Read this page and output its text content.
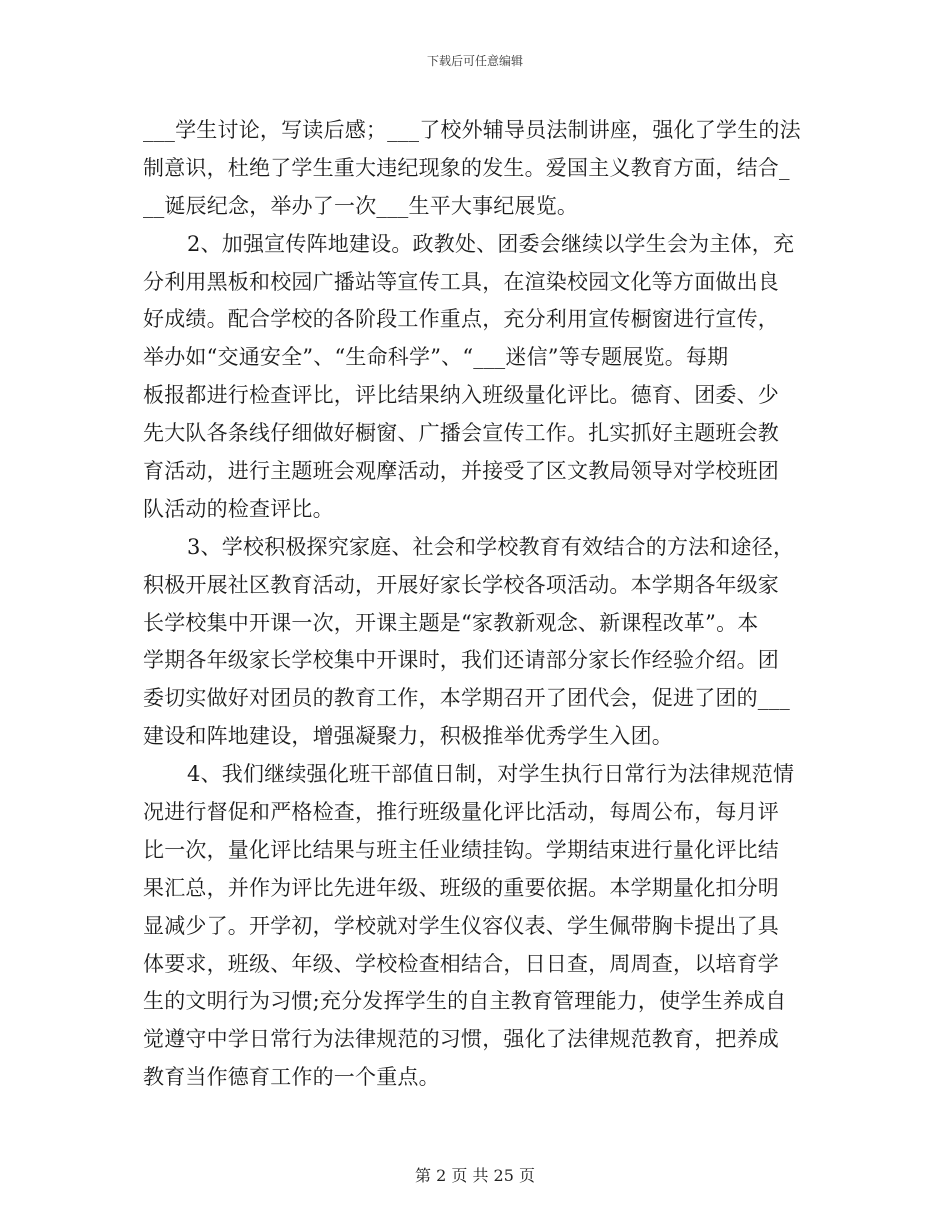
下载后可任意编辑
___学生讨论，写读后感；___了校外辅导员法制讲座，强化了学生的法
制意识，杜绝了学生重大违纪现象的发生。爱国主义教育方面，结合_
__诞辰纪念，举办了一次___生平大事纪展览。
2、加强宣传阵地建设。政教处、团委会继续以学生会为主体，充
分利用黑板和校园广播站等宣传工具，在渲染校园文化等方面做出良
好成绩。配合学校的各阶段工作重点，充分利用宣传橱窗进行宣传，
举办如“交通安全”、“生命科学”、“___迷信”等专题展览。每期
板报都进行检查评比，评比结果纳入班级量化评比。德育、团委、少
先大队各条线仔细做好橱窗、广播会宣传工作。扎实抓好主题班会教
育活动，进行主题班会观摩活动，并接受了区文教局领导对学校班团
队活动的检查评比。
3、学校积极探究家庭、社会和学校教育有效结合的方法和途径，
积极开展社区教育活动，开展好家长学校各项活动。本学期各年级家
长学校集中开课一次，开课主题是“家教新观念、新课程改革”。本
学期各年级家长学校集中开课时，我们还请部分家长作经验介绍。团
委切实做好对团员的教育工作，本学期召开了团代会，促进了团的___
建设和阵地建设，增强凝聚力，积极推举优秀学生入团。
4、我们继续强化班干部值日制，对学生执行日常行为法律规范情
况进行督促和严格检查，推行班级量化评比活动，每周公布，每月评
比一次，量化评比结果与班主任业绩挂钩。学期结束进行量化评比结
果汇总，并作为评比先进年级、班级的重要依据。本学期量化扣分明
显减少了。开学初，学校就对学生仪容仪表、学生佩带胸卡提出了具
体要求，班级、年级、学校检查相结合，日日查，周周查，以培育学
生的文明行为习惯;充分发挥学生的自主教育管理能力，使学生养成自
觉遵守中学日常行为法律规范的习惯，强化了法律规范教育，把养成
教育当作德育工作的一个重点。
第 2 页 共 25 页
